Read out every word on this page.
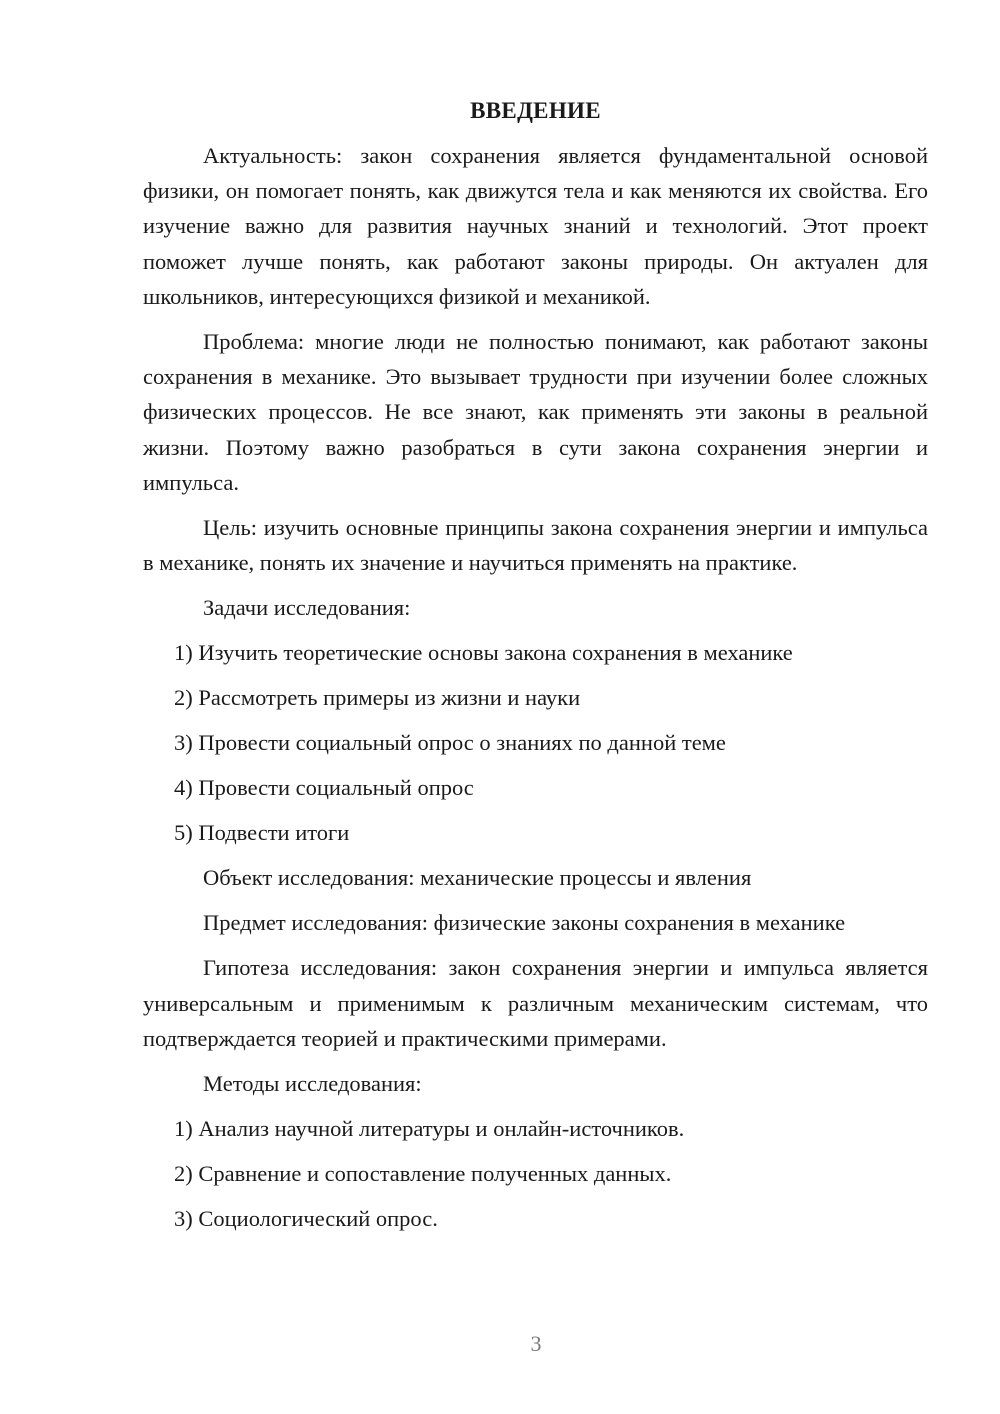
ВВЕДЕНИЕ

Актуальность: закон сохранения является фундаментальной основой физики, он помогает понять, как движутся тела и как меняются их свойства. Его изучение важно для развития научных знаний и технологий. Этот проект поможет лучше понять, как работают законы природы. Он актуален для школьников, интересующихся физикой и механикой.

Проблема: многие люди не полностью понимают, как работают законы сохранения в механике. Это вызывает трудности при изучении более сложных физических процессов. Не все знают, как применять эти законы в реальной жизни. Поэтому важно разобраться в сути закона сохранения энергии и импульса.

Цель: изучить основные принципы закона сохранения энергии и импульса в механике, понять их значение и научиться применять на практике.

Задачи исследования:

1) Изучить теоретические основы закона сохранения в механике

2) Рассмотреть примеры из жизни и науки

3) Провести социальный опрос о знаниях по данной теме

4) Провести социальный опрос

5) Подвести итоги

Объект исследования: механические процессы и явления

Предмет исследования: физические законы сохранения в механике

Гипотеза исследования: закон сохранения энергии и импульса является универсальным и применимым к различным механическим системам, что подтверждается теорией и практическими примерами.

Методы исследования:

1) Анализ научной литературы и онлайн-источников.

2) Сравнение и сопоставление полученных данных.

3) Социологический опрос.

3
